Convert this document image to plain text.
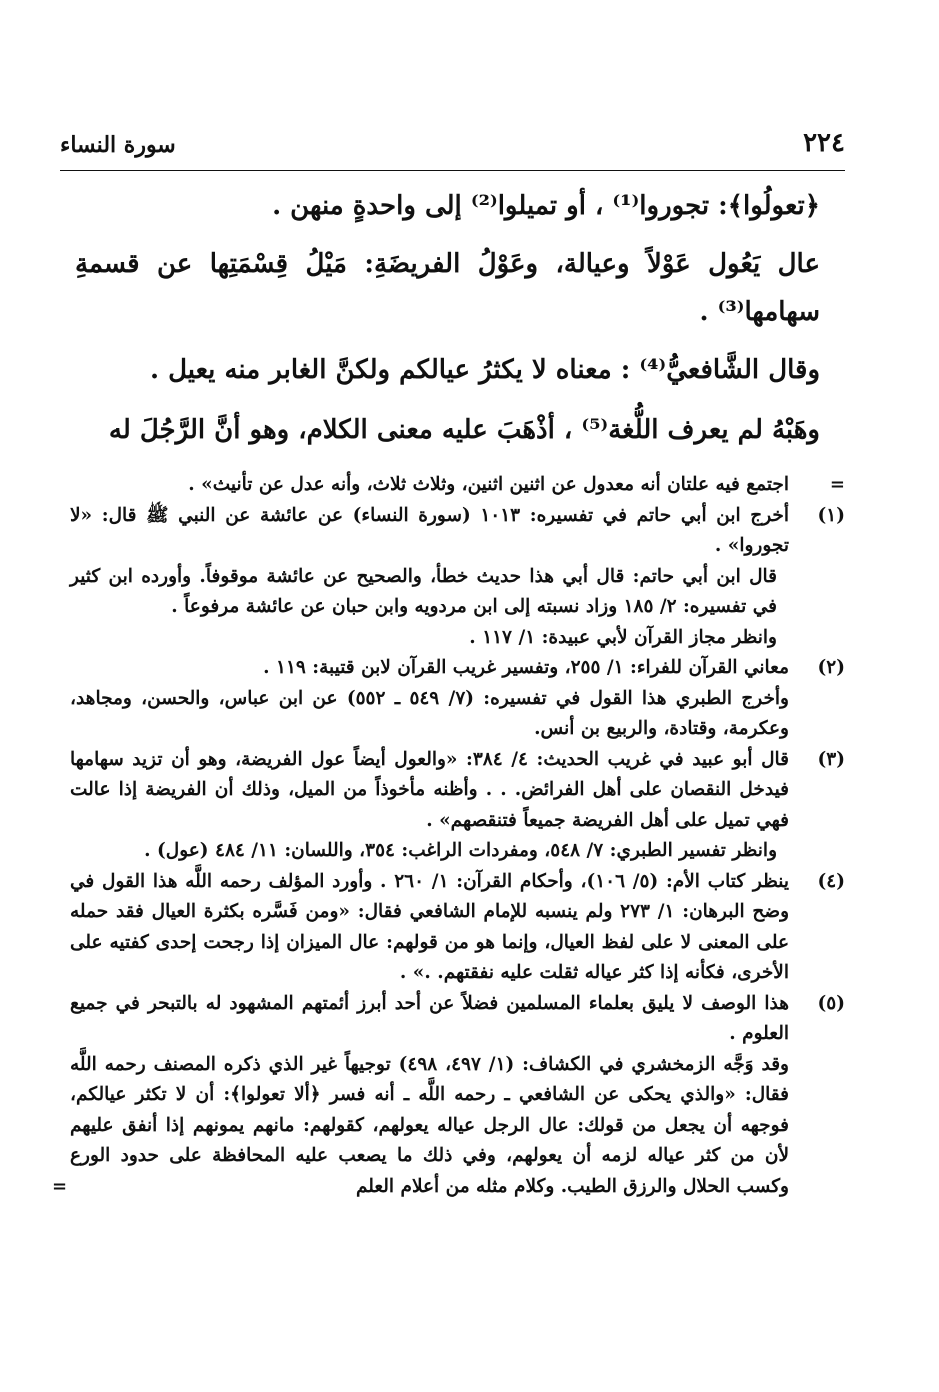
٢٢٤
سورة النساء

﴿تعولُوا﴾: تجوروا⁽¹⁾ ، أو تميلوا⁽²⁾ إلى واحدةٍ منهن .

عال يَعُول عَوْلاً وعيالة، وعَوْلُ الفريضَةِ: مَيْلُ قِسْمَتِها عن قسمةِ سهامها⁽³⁾ .

وقال الشَّافعيُّ⁽⁴⁾ : معناه لا يكثرُ عيالكم ولكنَّ الغابر منه يعيل .

وهَبْهُ لم يعرف اللُّغة⁽⁵⁾ ، أذْهَبَ عليه معنى الكلام، وهو أنَّ الرَّجُلَ له

=
اجتمع فيه علتان أنه معدول عن اثنين اثنين، وثلاث ثلاث، وأنه عدل عن تأنيث» .
(١)
أخرج ابن أبي حاتم في تفسيره: ١٠١٣ (سورة النساء) عن عائشة عن النبي ﷺ قال: «لا تجوروا» .
قال ابن أبي حاتم: قال أبي هذا حديث خطأ، والصحيح عن عائشة موقوفاً. وأورده ابن كثير في تفسيره: ٢/ ١٨٥ وزاد نسبته إلى ابن مردويه وابن حبان عن عائشة مرفوعاً .
وانظر مجاز القرآن لأبي عبيدة: ١/ ١١٧ .
(٢)
معاني القرآن للفراء: ١/ ٢٥٥، وتفسير غريب القرآن لابن قتيبة: ١١٩ .
وأخرج الطبري هذا القول في تفسيره: (٧/ ٥٤٩ ـ ٥٥٢) عن ابن عباس، والحسن، ومجاهد، وعكرمة، وقتادة، والربيع بن أنس.
(٣)
قال أبو عبيد في غريب الحديث: ٤/ ٣٨٤: «والعول أيضاً عول الفريضة، وهو أن تزيد سهامها فيدخل النقصان على أهل الفرائض. . . وأظنه مأخوذاً من الميل، وذلك أن الفريضة إذا عالت فهي تميل على أهل الفريضة جميعاً فتنقصهم» .
وانظر تفسير الطبري: ٧/ ٥٤٨، ومفردات الراغب: ٣٥٤، واللسان: ١١/ ٤٨٤ (عول) .
(٤)
ينظر كتاب الأم: (٥/ ١٠٦)، وأحكام القرآن: ١/ ٢٦٠ . وأورد المؤلف رحمه اللَّه هذا القول في وضح البرهان: ١/ ٢٧٣ ولم ينسبه للإمام الشافعي فقال: «ومن فَسَّره بكثرة العيال فقد حمله على المعنى لا على لفظ العيال، وإنما هو من قولهم: عال الميزان إذا رجحت إحدى كفتيه على الأخرى، فكأنه إذا كثر عياله ثقلت عليه نفقتهم. .» .
(٥)
هذا الوصف لا يليق بعلماء المسلمين فضلاً عن أحد أبرز أئمتهم المشهود له بالتبحر في جميع العلوم .
وقد وَجَّه الزمخشري في الكشاف: (١/ ٤٩٧، ٤٩٨) توجيهاً غير الذي ذكره المصنف رحمه اللَّه فقال: «والذي يحكى عن الشافعي ـ رحمه اللَّه ـ أنه فسر ﴿ألا تعولوا﴾: أن لا تكثر عيالكم، فوجهه أن يجعل من قولك: عال الرجل عياله يعولهم، كقولهم: مانهم يمونهم إذا أنفق عليهم لأن من كثر عياله لزمه أن يعولهم، وفي ذلك ما يصعب عليه المحافظة على حدود الورع وكسب الحلال والرزق الطيب. وكلام مثله من أعلام العلم
=
